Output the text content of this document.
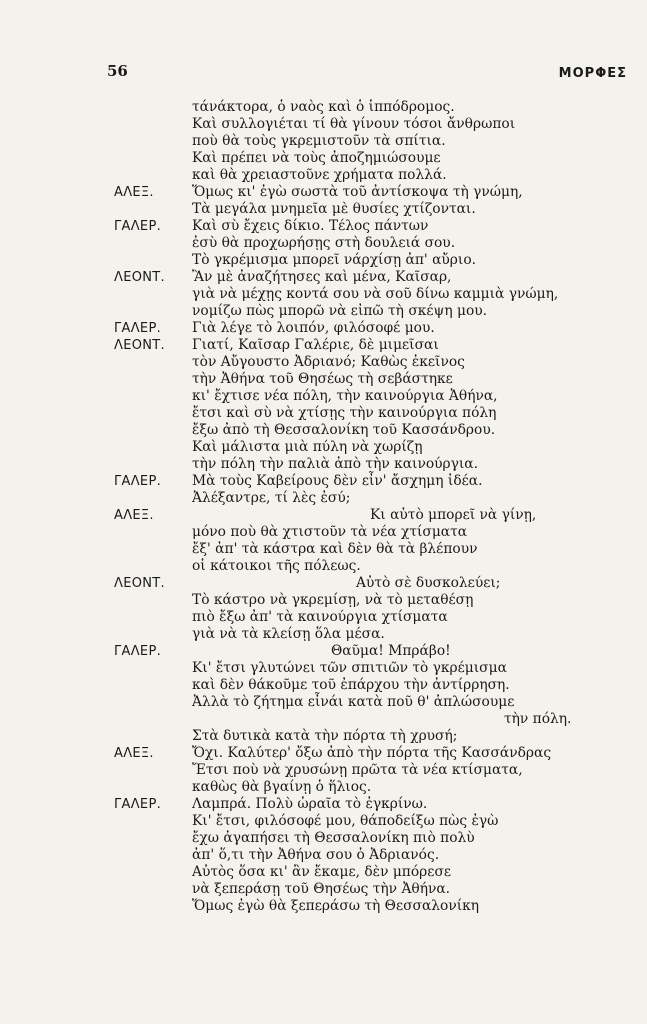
56	ΜΟΡΦΕΣ
τάνάκτορα, ὁ ναὸς καὶ ὁ ἱππόδρομος.
Καὶ συλλογιέται τί θὰ γίνουν τόσοι ἄνθρωποι
ποὺ θὰ τοὺς γκρεμιστοῦν τὰ σπίτια.
Καὶ πρέπει νὰ τοὺς ἀποζημιώσουμε
καὶ θὰ χρειαστοῦνε χρήματα πολλά.
ΑΛΕΞ.	Ὅμως κι' ἐγὼ σωστὰ τοῦ ἀντίσκοψα τὴ γνώμη,
Τὰ μεγάλα μνημεῖα μὲ θυσίες χτίζονται.
ΓΑΛΕΡ. Καὶ σὺ ἔχεις δίκιο. Τέλος πάντων
ἐσὺ θὰ προχωρήσῃς στὴ δουλειά σου.
Τὸ γκρέμισμα μπορεῖ νάρχίσῃ ἀπ' αὔριο.
ΛΕΟΝΤ. Ἂν μὲ ἀναζήτησες καὶ μένα, Καῖσαρ,
γιὰ νὰ μέχῃς κοντά σου νὰ σοῦ δίνω καμμιὰ γνώμη,
νομίζω πὼς μπορῶ νὰ εἰπῶ τὴ σκέψη μου.
ΓΑΛΕΡ. Γιὰ λέγε τὸ λοιπόν, φιλόσοφέ μου.
ΛΕΟΝΤ. Γιατί, Καῖσαρ Γαλέριε, δὲ μιμεῖσαι
τὸν Αὔγουστο Ἀδριανό; Καθὼς ἐκεῖνος
τὴν Ἀθήνα τοῦ Θησέως τὴ σεβάστηκε
κι' ἔχτισε νέα πόλη, τὴν καινούργια Ἀθήνα,
ἔτσι καὶ σὺ νὰ χτίσῃς τὴν καινούργια πόλη
ἔξω ἀπὸ τὴ Θεσσαλονίκη τοῦ Κασσάνδρου.
Καὶ μάλιστα μιὰ πύλη νὰ χωρίζῃ
τὴν πόλη τὴν παλιὰ ἀπὸ τὴν καινούργια.
ΓΑΛΕΡ. Μὰ τοὺς Καβείρους δὲν εἶν' ἄσχημη ἰδέα.
Ἀλέξαντρε, τί λὲς ἐσύ;
ΑΛΕΞ.	Κι αὐτὸ μπορεῖ νὰ γίνῃ,
μόνο ποὺ θὰ χτιστοῦν τὰ νέα χτίσματα
ἔξ' ἀπ' τὰ κάστρα καὶ δὲν θὰ τὰ βλέπουν
οἱ κάτοικοι τῆς πόλεως.
ΛΕΟΝΤ.	Αὐτὸ σὲ δυσκολεύει;
Τὸ κάστρο νὰ γκρεμίσῃ, νὰ τὸ μεταθέσῃ
πιὸ ἔξω ἀπ' τὰ καινούργια χτίσματα
γιὰ νὰ τὰ κλείσῃ ὅλα μέσα.
ΓΑΛΕΡ.	Θαῦμα! Μπράβο!
Κι' ἔτσι γλυτώνει τῶν σπιτιῶν τὸ γκρέμισμα
καὶ δὲν θάκοῦμε τοῦ ἐπάρχου τὴν ἀντίρρηση.
Ἀλλὰ τὸ ζήτημα εἶνάι κατὰ ποῦ θ' ἁπλώσουμε
τὴν πόλη.
Στὰ δυτικὰ κατὰ τὴν πόρτα τὴ χρυσή;
ΑΛΕΞ.	Ὄχι. Καλύτερ' ὄξω ἀπὸ τὴν πόρτα τῆς Κασσάνδρας
Ἔτσι ποὺ νὰ χρυσώνῃ πρῶτα τὰ νέα κτίσματα,
καθὼς θὰ βγαίνῃ ὁ ἥλιος.
ΓΑΛΕΡ. Λαμπρά. Πολὺ ὡραῖα τὸ ἐγκρίνω.
Κι' ἔτσι, φιλόσοφέ μου, θάποδείξω πὼς ἐγὼ
ἔχω ἀγαπήσει τὴ Θεσσαλονίκη πιὸ πολὺ
ἀπ' ὅ,τι τὴν Ἀθήνα σου ὁ Ἀδριανός.
Αὐτὸς ὅσα κι' ἂν ἔκαμε, δὲν μπόρεσε
νὰ ξεπεράσῃ τοῦ Θησέως τὴν Ἀθήνα.
Ὅμως ἐγὼ θὰ ξεπεράσω τὴ Θεσσαλονίκη
